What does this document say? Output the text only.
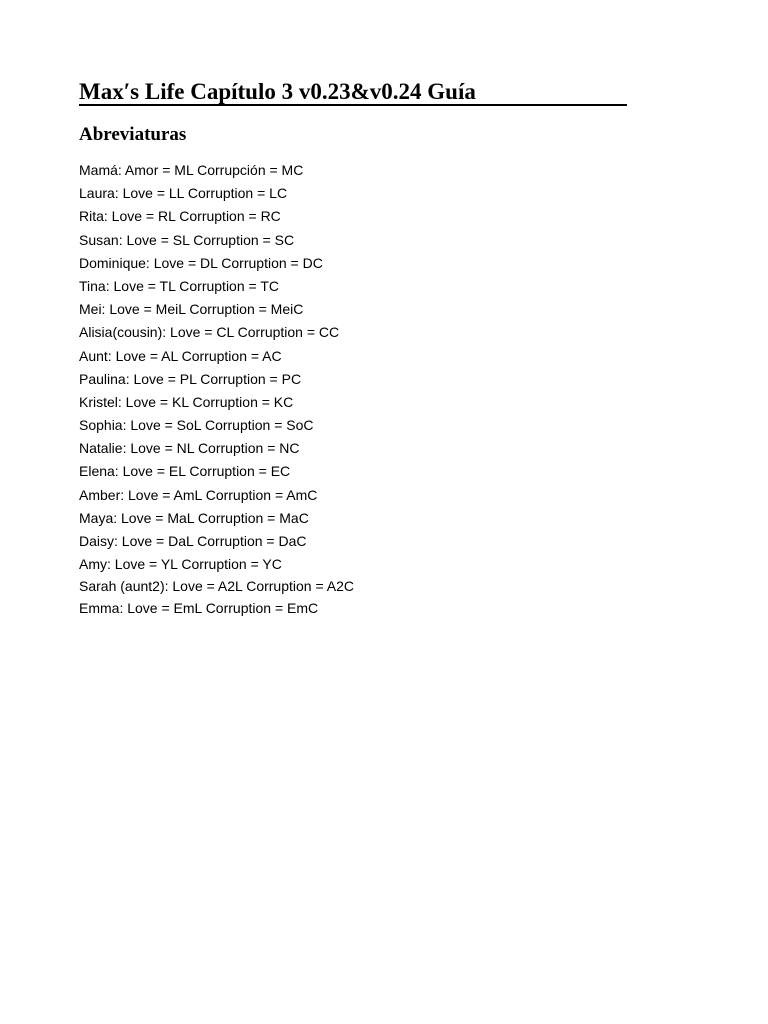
Max′s Life Capítulo 3 v0.23&v0.24 Guía
Abreviaturas
Mamá: Amor = ML Corrupción = MC
Laura: Love = LL Corruption = LC
Rita: Love = RL Corruption = RC
Susan: Love = SL Corruption = SC
Dominique: Love = DL Corruption = DC
Tina: Love = TL Corruption = TC
Mei: Love = MeiL Corruption = MeiC
Alisia(cousin): Love = CL Corruption = CC
Aunt: Love = AL Corruption = AC
Paulina: Love = PL Corruption = PC
Kristel: Love = KL Corruption = KC
Sophia: Love = SoL Corruption = SoC
Natalie: Love = NL Corruption = NC
Elena: Love = EL Corruption = EC
Amber: Love = AmL Corruption = AmC
Maya: Love = MaL Corruption = MaC
Daisy: Love = DaL Corruption = DaC
Amy: Love = YL Corruption = YC
Sarah (aunt2): Love = A2L Corruption = A2C
Emma: Love = EmL Corruption = EmC
